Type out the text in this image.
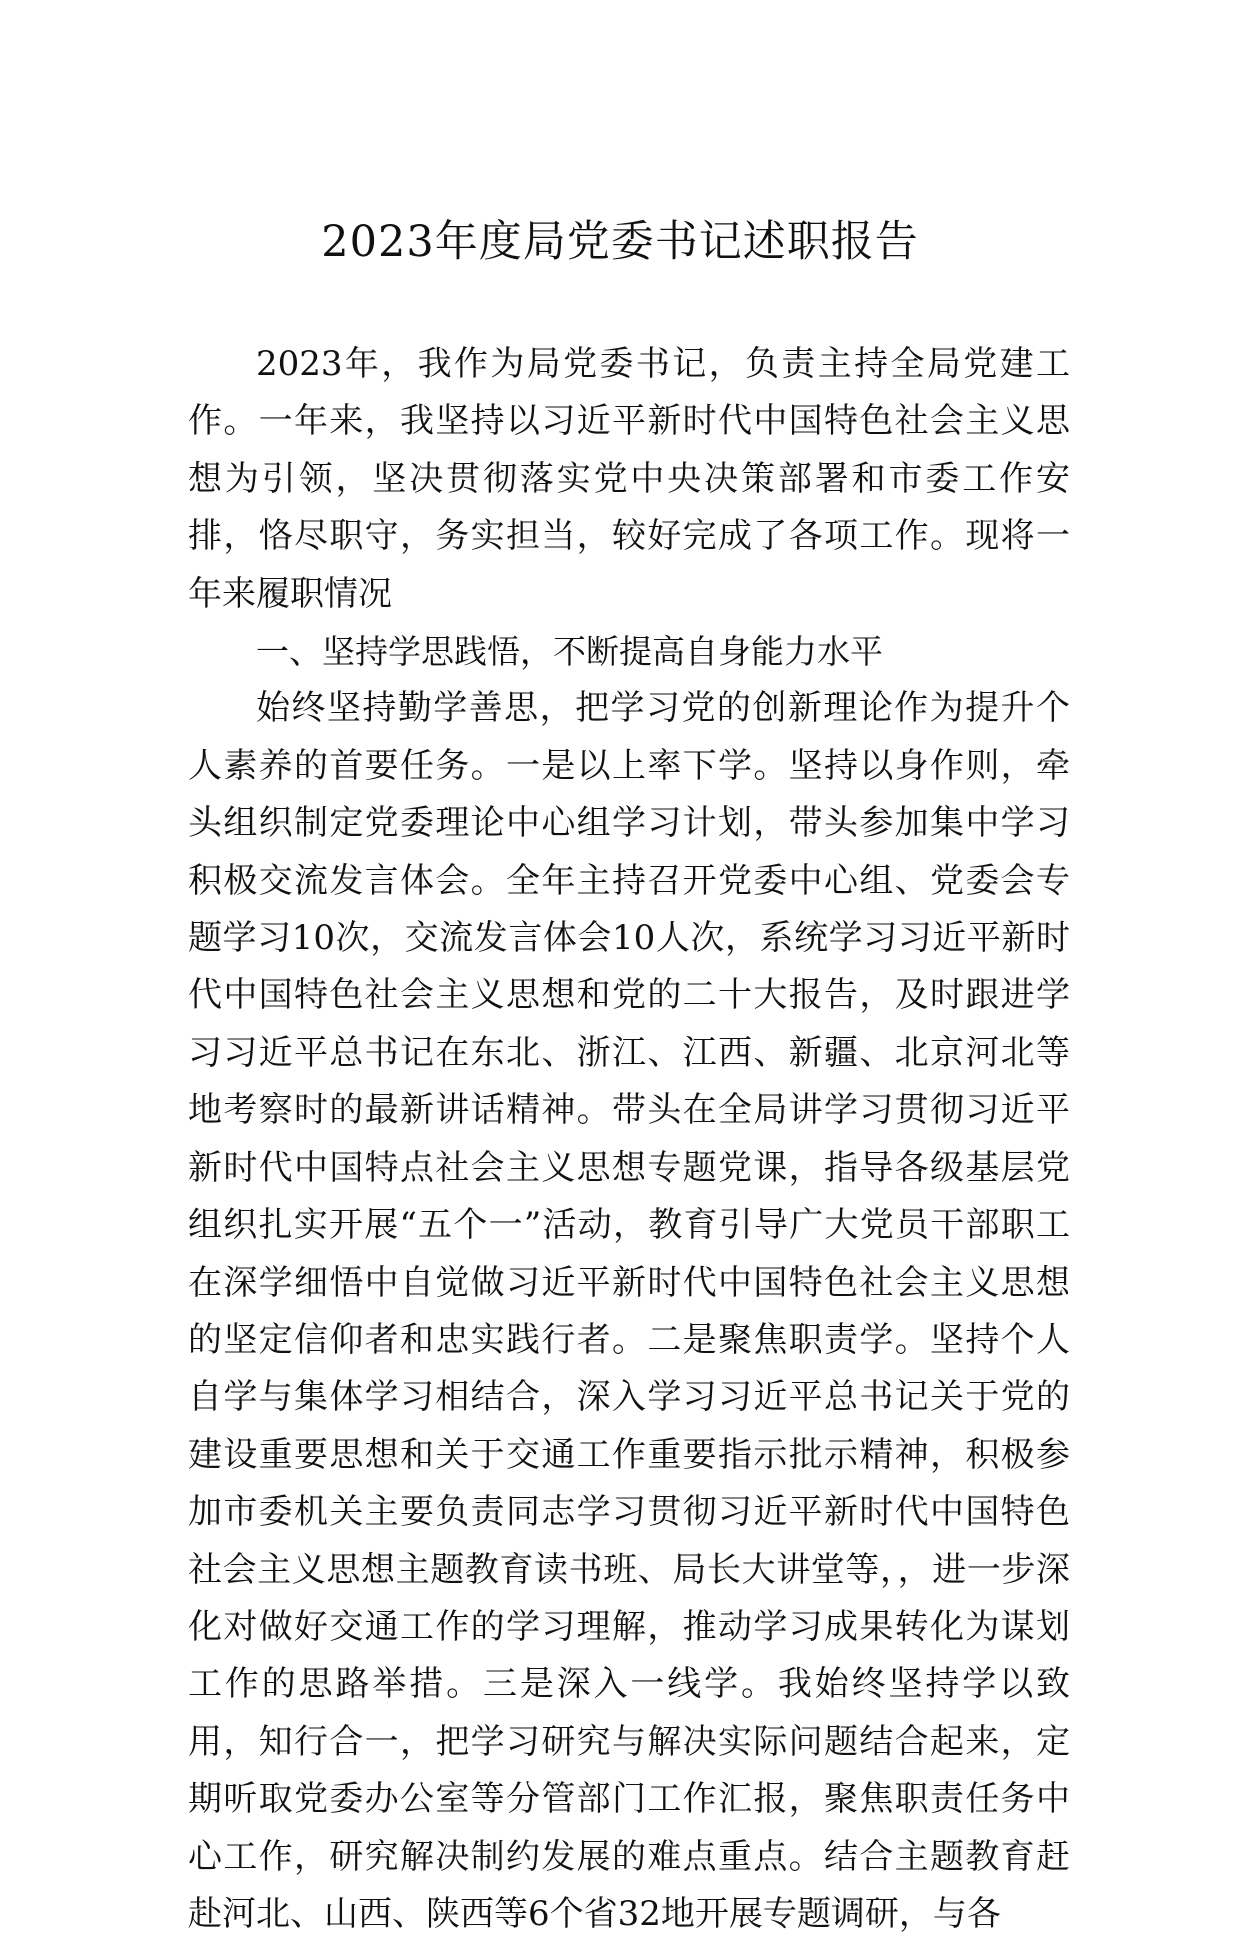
2023年度局党委书记述职报告

2023年，我作为局党委书记，负责主持全局党建工作。一年来，我坚持以习近平新时代中国特色社会主义思想为引领，坚决贯彻落实党中央决策部署和市委工作安排，恪尽职守，务实担当，较好完成了各项工作。现将一年来履职情况

一、坚持学思践悟，不断提高自身能力水平

始终坚持勤学善思，把学习党的创新理论作为提升个人素养的首要任务。一是以上率下学。坚持以身作则，牵头组织制定党委理论中心组学习计划，带头参加集中学习积极交流发言体会。全年主持召开党委中心组、党委会专题学习10次，交流发言体会10人次，系统学习习近平新时代中国特色社会主义思想和党的二十大报告，及时跟进学习习近平总书记在东北、浙江、江西、新疆、北京河北等地考察时的最新讲话精神。带头在全局讲学习贯彻习近平新时代中国特点社会主义思想专题党课，指导各级基层党组织扎实开展“五个一”活动，教育引导广大党员干部职工在深学细悟中自觉做习近平新时代中国特色社会主义思想的坚定信仰者和忠实践行者。二是聚焦职责学。坚持个人自学与集体学习相结合，深入学习习近平总书记关于党的建设重要思想和关于交通工作重要指示批示精神，积极参加市委机关主要负责同志学习贯彻习近平新时代中国特色社会主义思想主题教育读书班、局长大讲堂等，，进一步深化对做好交通工作的学习理解，推动学习成果转化为谋划工作的思路举措。三是深入一线学。我始终坚持学以致用，知行合一，把学习研究与解决实际问题结合起来，定期听取党委办公室等分管部门工作汇报，聚焦职责任务中心工作，研究解决制约发展的难点重点。结合主题教育赶赴河北、山西、陕西等6个省32地开展专题调研，与各
